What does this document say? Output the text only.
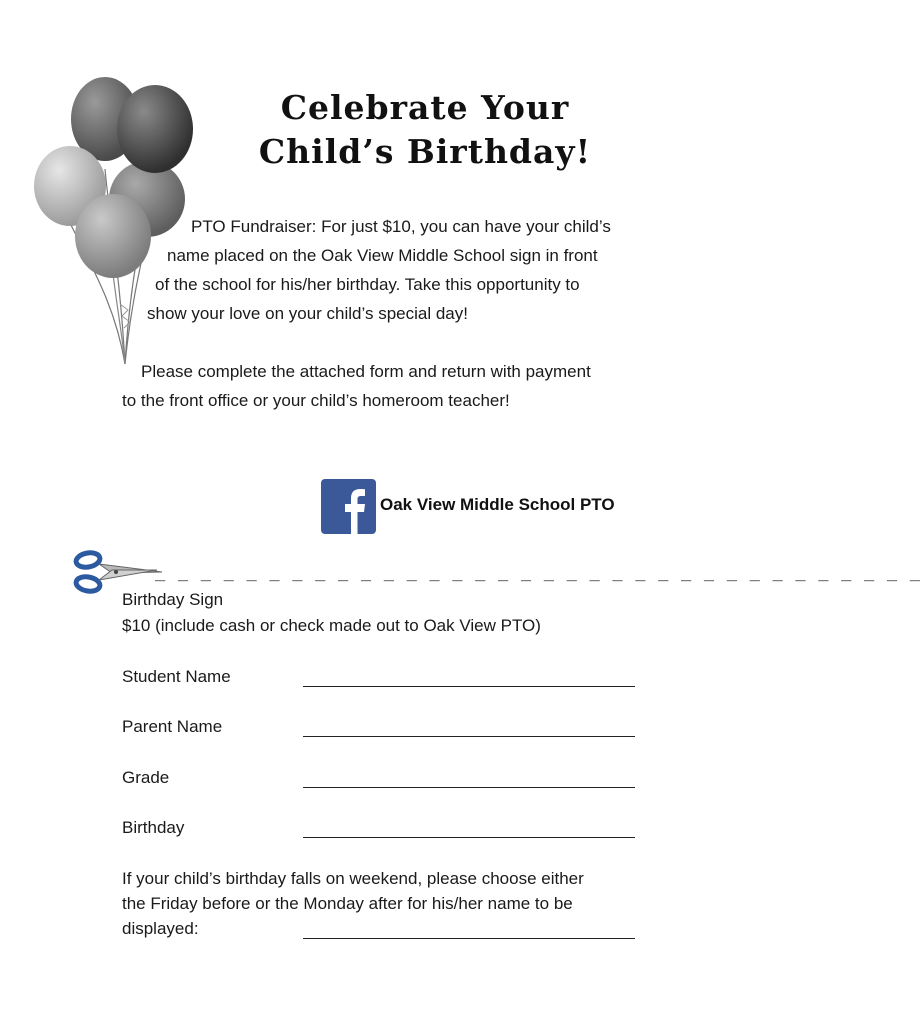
Celebrate Your
Child’s Birthday!
PTO Fundraiser: For just $10, you can have your child’s
name placed on the Oak View Middle School sign in front
of the school for his/her birthday. Take this opportunity to
show your love on your child’s special day!
Please complete the attached form and return with payment
to the front office or your child’s homeroom teacher!
Oak View Middle School PTO
_ _ _ _ _ _ _ _ _ _ _ _ _ _ _ _ _ _ _ _ _ _ _ _ _ _ _ _ _ _ _ _ _ _
Birthday Sign
$10 (include cash or check made out to Oak View PTO)
Student Name
Parent Name
Grade
Birthday
If your child’s birthday falls on weekend, please choose either
the Friday before or the Monday after for his/her name to be
displayed:
